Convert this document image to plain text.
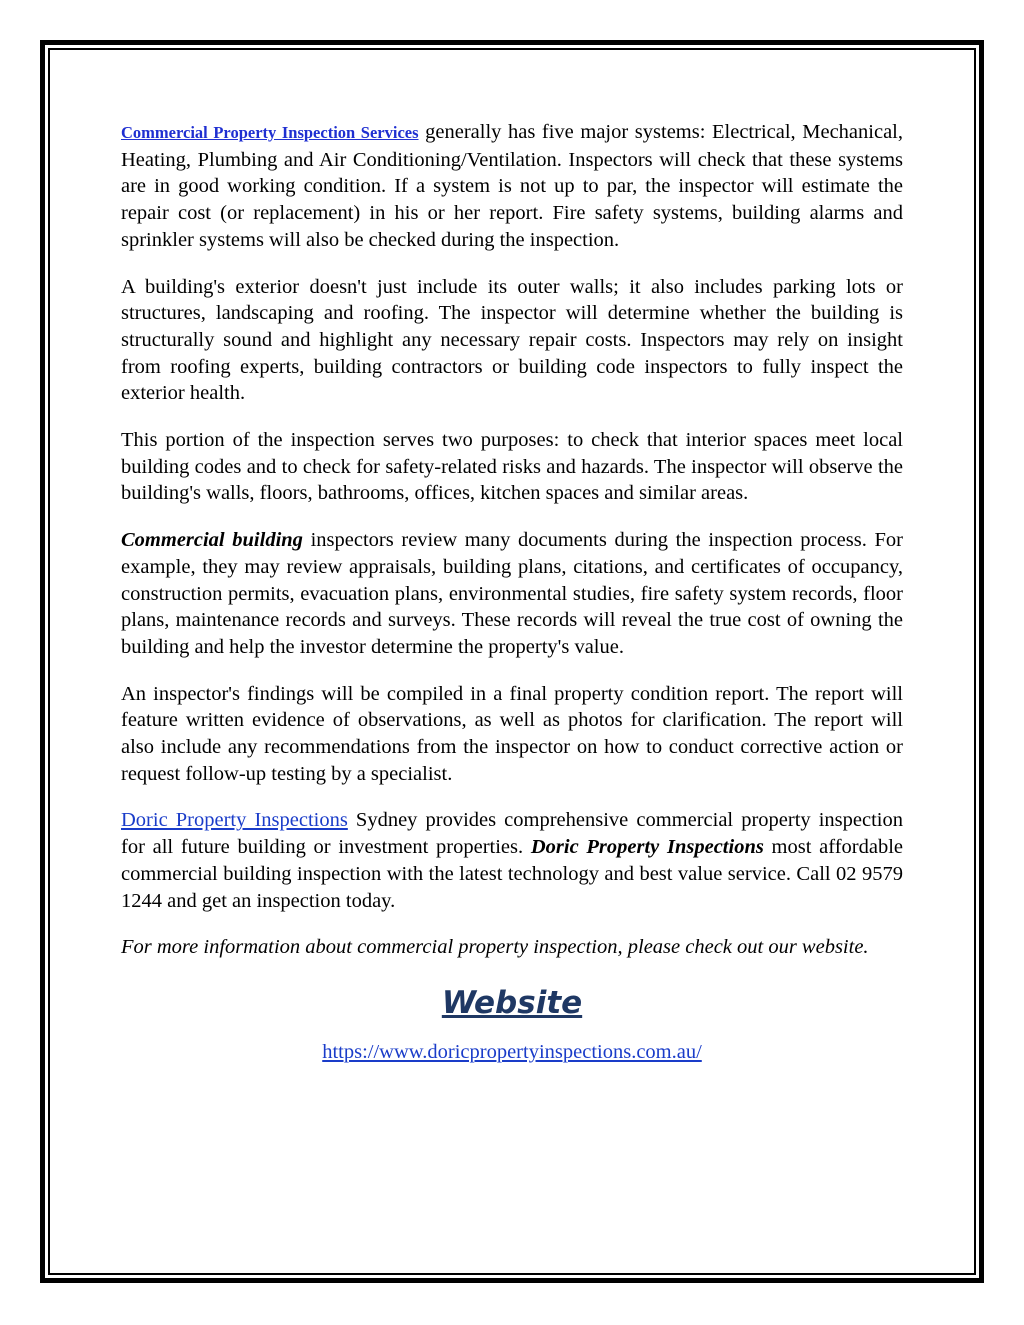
Commercial Property Inspection Services generally has five major systems: Electrical, Mechanical, Heating, Plumbing and Air Conditioning/Ventilation. Inspectors will check that these systems are in good working condition. If a system is not up to par, the inspector will estimate the repair cost (or replacement) in his or her report. Fire safety systems, building alarms and sprinkler systems will also be checked during the inspection.

A building's exterior doesn't just include its outer walls; it also includes parking lots or structures, landscaping and roofing. The inspector will determine whether the building is structurally sound and highlight any necessary repair costs. Inspectors may rely on insight from roofing experts, building contractors or building code inspectors to fully inspect the exterior health.

This portion of the inspection serves two purposes: to check that interior spaces meet local building codes and to check for safety-related risks and hazards. The inspector will observe the building's walls, floors, bathrooms, offices, kitchen spaces and similar areas.

Commercial building inspectors review many documents during the inspection process. For example, they may review appraisals, building plans, citations, and certificates of occupancy, construction permits, evacuation plans, environmental studies, fire safety system records, floor plans, maintenance records and surveys. These records will reveal the true cost of owning the building and help the investor determine the property's value.

An inspector's findings will be compiled in a final property condition report. The report will feature written evidence of observations, as well as photos for clarification. The report will also include any recommendations from the inspector on how to conduct corrective action or request follow-up testing by a specialist.

Doric Property Inspections Sydney provides comprehensive commercial property inspection for all future building or investment properties. Doric Property Inspections most affordable commercial building inspection with the latest technology and best value service. Call 02 9579 1244 and get an inspection today.

For more information about commercial property inspection, please check out our website.

Website
https://www.doricpropertyinspections.com.au/
